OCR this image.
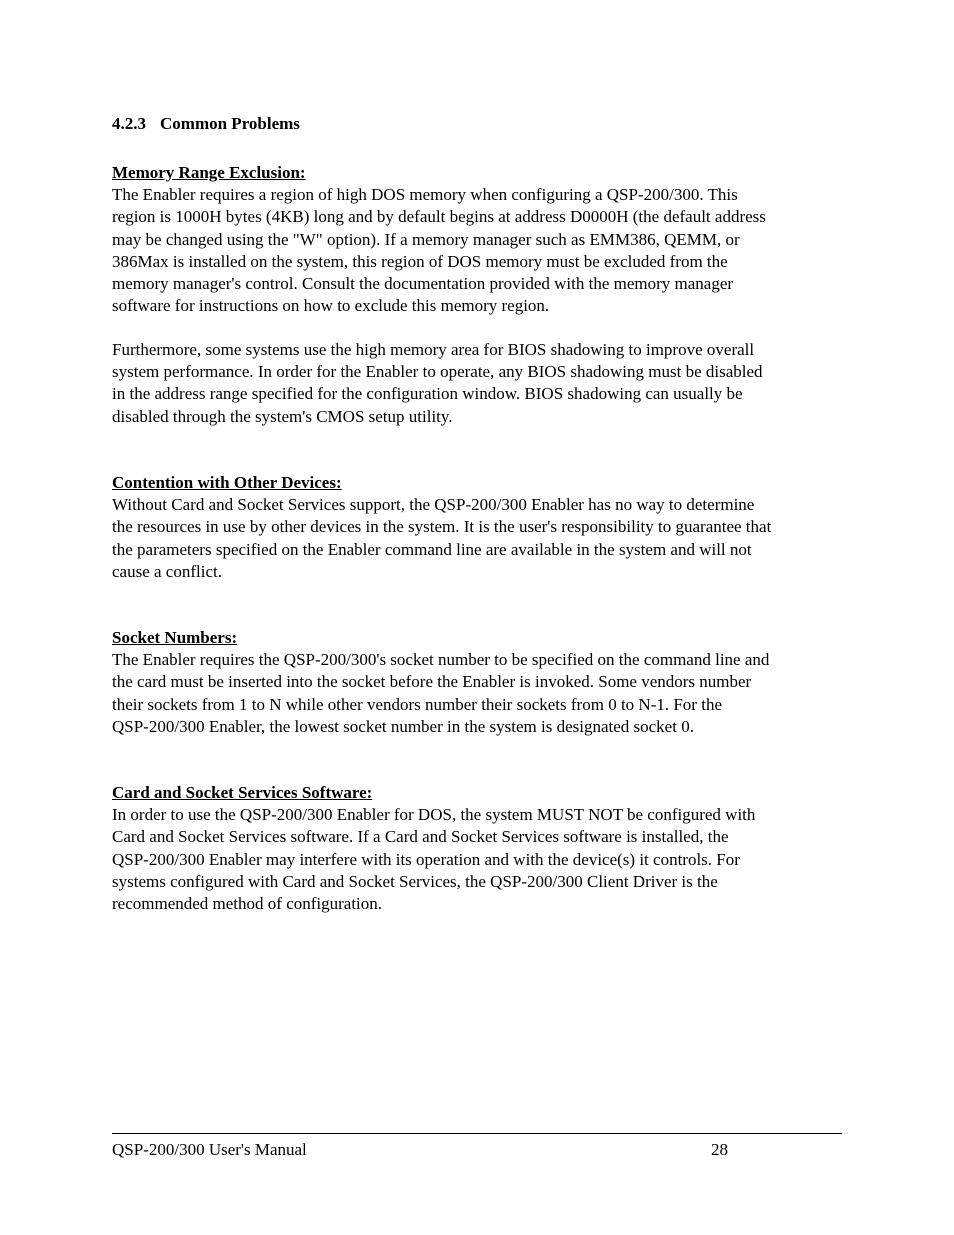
4.2.3 Common Problems
Memory Range Exclusion:
The Enabler requires a region of high DOS memory when configuring a QSP-200/300. This
region is 1000H bytes (4KB) long and by default begins at address D0000H (the default address
may be changed using the "W" option). If a memory manager such as EMM386, QEMM, or
386Max is installed on the system, this region of DOS memory must be excluded from the
memory manager's control. Consult the documentation provided with the memory manager
software for instructions on how to exclude this memory region.
Furthermore, some systems use the high memory area for BIOS shadowing to improve overall
system performance. In order for the Enabler to operate, any BIOS shadowing must be disabled
in the address range specified for the configuration window. BIOS shadowing can usually be
disabled through the system's CMOS setup utility.
Contention with Other Devices:
Without Card and Socket Services support, the QSP-200/300 Enabler has no way to determine
the resources in use by other devices in the system. It is the user's responsibility to guarantee that
the parameters specified on the Enabler command line are available in the system and will not
cause a conflict.
Socket Numbers:
The Enabler requires the QSP-200/300's socket number to be specified on the command line and
the card must be inserted into the socket before the Enabler is invoked. Some vendors number
their sockets from 1 to N while other vendors number their sockets from 0 to N-1. For the
QSP-200/300 Enabler, the lowest socket number in the system is designated socket 0.
Card and Socket Services Software:
In order to use the QSP-200/300 Enabler for DOS, the system MUST NOT be configured with
Card and Socket Services software. If a Card and Socket Services software is installed, the
QSP-200/300 Enabler may interfere with its operation and with the device(s) it controls. For
systems configured with Card and Socket Services, the QSP-200/300 Client Driver is the
recommended method of configuration.
QSP-200/300 User's Manual	28
